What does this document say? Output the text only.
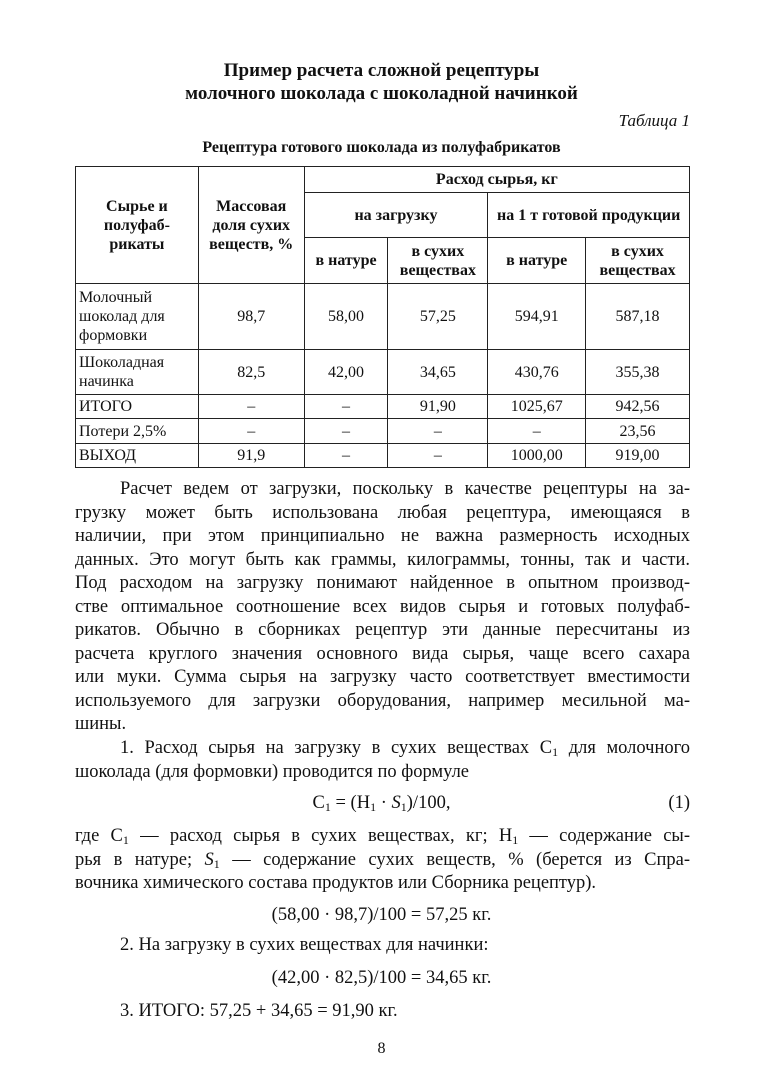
Пример расчета сложной рецептуры
молочного шоколада с шоколадной начинкой
Таблица 1
Рецептура готового шоколада из полуфабрикатов
Сырье и полуфаб-рикаты	Массовая доля сухих веществ, %	Расход сырья, кг			
		на загрузку		на 1 т готовой продукции	
		в натуре	в сухих веществах	в натуре	в сухих веществах
Молочный шоколад для формовки	98,7	58,00	57,25	594,91	587,18
Шоколадная начинка	82,5	42,00	34,65	430,76	355,38
ИТОГО	–	–	91,90	1025,67	942,56
Потери 2,5%	–	–	–	–	23,56
ВЫХОД	91,9	–	–	1000,00	919,00
Расчет ведем от загрузки, поскольку в качестве рецептуры на за-
грузку может быть использована любая рецептура, имеющаяся в
наличии, при этом принципиально не важна размерность исходных
данных. Это могут быть как граммы, килограммы, тонны, так и части.
Под расходом на загрузку понимают найденное в опытном производ-
стве оптимальное соотношение всех видов сырья и готовых полуфаб-
рикатов. Обычно в сборниках рецептур эти данные пересчитаны из
расчета круглого значения основного вида сырья, чаще всего сахара
или муки. Сумма сырья на загрузку часто соответствует вместимости
используемого для загрузки оборудования, например месильной ма-
шины.
1. Расход сырья на загрузку в сухих веществах $С_1$ для молочного
шоколада (для формовки) проводится по формуле
$С_1 = (Н_1 \cdot S_1)/100$,	(1)
где $С_1$ — расход сырья в сухих веществах, кг; $Н_1$ — содержание сы-
рья в натуре; $S_1$ — содержание сухих веществ, % (берется из Спра-
вочника химического состава продуктов или Сборника рецептур).
(58,00 · 98,7)/100 = 57,25 кг.
2. На загрузку в сухих веществах для начинки:
(42,00 · 82,5)/100 = 34,65 кг.
3. ИТОГО: 57,25 + 34,65 = 91,90 кг.
8
